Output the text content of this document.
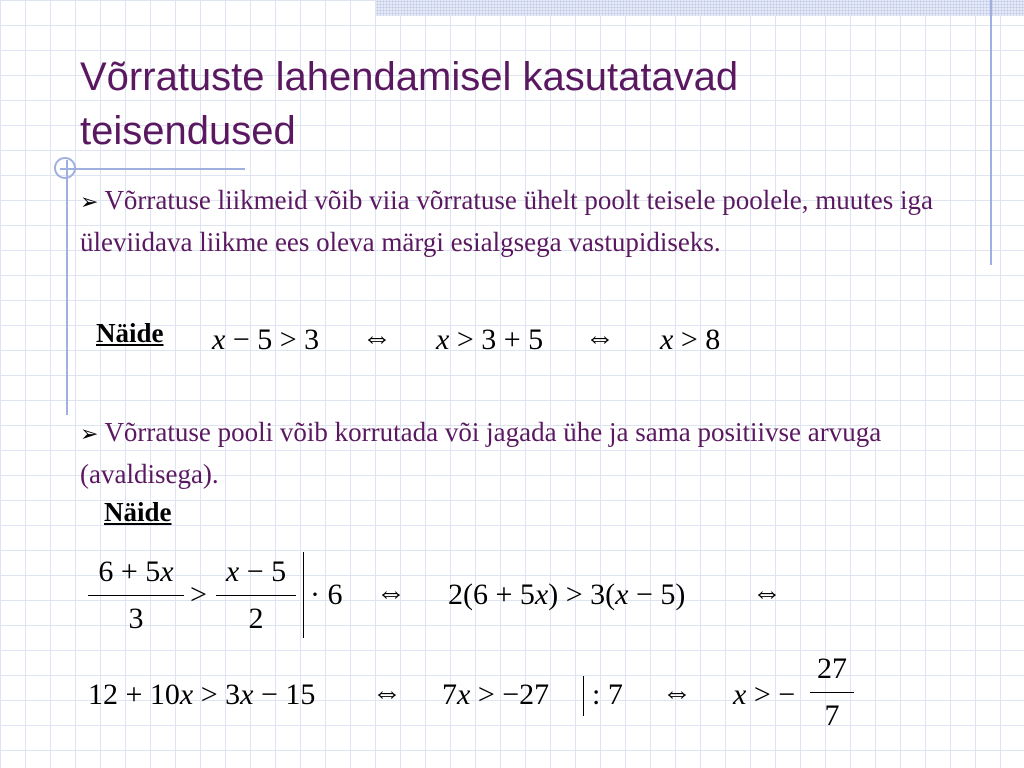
Võrratuste lahendamisel kasutatavad
teisendused
➢ Võrratuse liikmeid võib viia võrratuse ühelt poolt teisele poolele, muutes iga üleviidava liikme ees oleva märgi esialgsega vastupidiseks.
Näide x − 5 > 3 ⇔ x > 3 + 5 ⇔ x > 8
➢ Võrratuse pooli võib korrutada või jagada ühe ja sama positiivse arvuga (avaldisega).
Näide
6 + 5x
3
>
x − 5
2
· 6 ⇔ 2(6 + 5x) > 3(x − 5) ⇔
12 + 10x > 3x − 15 ⇔ 7x > −27 : 7 ⇔ x > −
27
7
